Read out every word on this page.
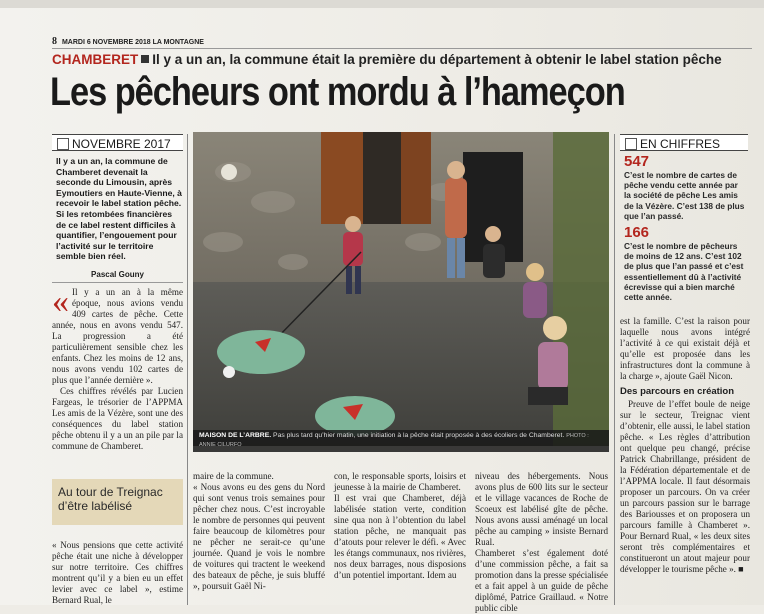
8 MARDI 6 NOVEMBRE 2018 LA MONTAGNE
CHAMBERET Il y a un an, la commune était la première du département à obtenir le label station pêche
Les pêcheurs ont mordu à l’hameçon
NOVEMBRE 2017
Il y a un an, la commune de Chamberet devenait la seconde du Limousin, après Eymoutiers en Haute-Vienne, à recevoir le label station pêche. Si les retombées financières de ce label restent difficiles à quantifier, l’engouement pour l’activité sur le territoire semble bien réel.
Pascal Gouny
« Il y a un an à la même époque, nous avions vendu 409 cartes de pêche. Cette année, nous en avons vendu 547. La progression a été particulièrement sensible chez les enfants. Chez les moins de 12 ans, nous avons vendu 102 cartes de plus que l’année dernière ».
Ces chiffres révélés par Lucien Fargeas, le trésorier de l’APPMA Les amis de la Vézère, sont une des conséquences du label station pêche obtenu il y a un an pile par la commune de Chamberet.
Au tour de Treignac d’être labélisé
« Nous pensions que cette activité pêche était une niche à développer sur notre territoire. Ces chiffres montrent qu’il y a bien eu un effet levier avec ce label », estime Bernard Rual, le
MAISON DE L’ARBRE. Pas plus tard qu’hier matin, une initiation à la pêche était proposée à des écoliers de Chamberet. PHOTO : ANNIE CILURFO
maire de la commune.
« Nous avons eu des gens du Nord qui sont venus trois semaines pour pêcher chez nous. C’est incroyable le nombre de personnes qui peuvent faire beaucoup de kilomètres pour ne pêcher ne serait-ce qu’une journée. Quand je vois le nombre de voitures qui tractent le weekend des bateaux de pêche, je suis bluffé », poursuit Gaël Ni-
con, le responsable sports, loisirs et jeunesse à la mairie de Chamberet.
Il est vrai que Chamberet, déjà labélisée station verte, condition sine qua non à l’obtention du label station pêche, ne manquait pas d’atouts pour relever le défi. « Avec les étangs communaux, nos rivières, nos deux barrages, nous disposions d’un potentiel important. Idem au
niveau des hébergements. Nous avons plus de 600 lits sur le secteur et le village vacances de Roche de Scoeux est labélisé gîte de pêche. Nous avons aussi aménagé un local pêche au camping » insiste Bernard Rual.
Chamberet s’est également doté d’une commission pêche, a fait sa promotion dans la presse spécialisée et a fait appel à un guide de pêche diplômé, Patrice Graillaud. « Notre public cible
EN CHIFFRES
547
C’est le nombre de cartes de pêche vendu cette année par la société de pêche Les amis de la Vézère. C’est 138 de plus que l’an passé.
166
C’est le nombre de pêcheurs de moins de 12 ans. C’est 102 de plus que l’an passé et c’est essentiellement dû à l’activité écrevisse qui a bien marché cette année.
est la famille. C’est la raison pour laquelle nous avons intégré l’activité à ce qui existait déjà et qu’elle est proposée dans les infrastructures dont la commune à la charge », ajoute Gaël Nicon.
Des parcours en création
Preuve de l’effet boule de neige sur le secteur, Treignac vient d’obtenir, elle aussi, le label station pêche. « Les règles d’attribution ont quelque peu changé, précise Patrick Chabrillange, président de la Fédération départementale et de l’APPMA locale. Il faut désormais proposer un parcours. On va créer un parcours passion sur le barrage des Bariousses et on proposera un parcours famille à Chamberet ». Pour Bernard Rual, « les deux sites seront très complémentaires et constitueront un atout majeur pour développer le tourisme pêche ». ■
